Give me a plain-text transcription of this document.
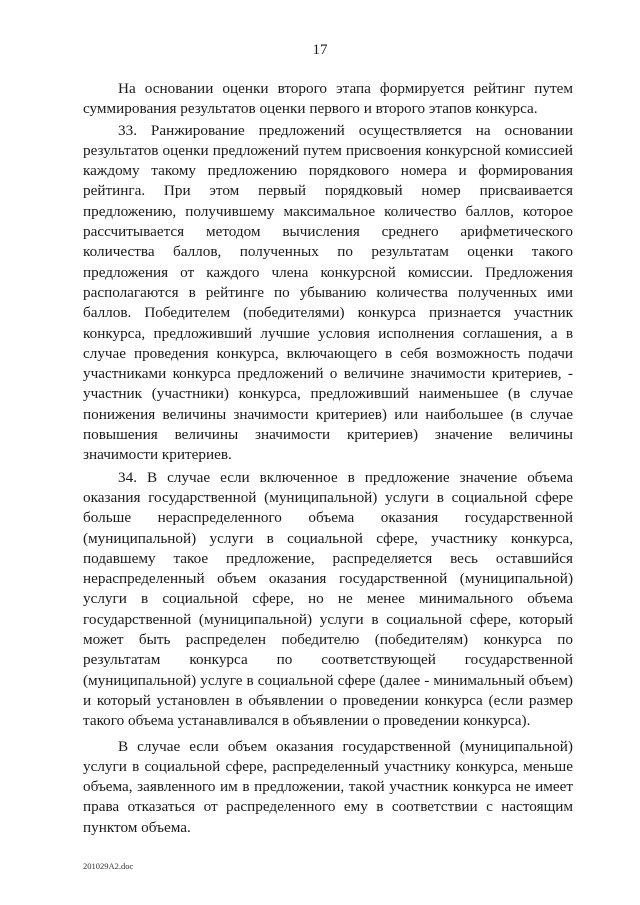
17

На основании оценки второго этапа формируется рейтинг путем суммирования результатов оценки первого и второго этапов конкурса.

33. Ранжирование предложений осуществляется на основании результатов оценки предложений путем присвоения конкурсной комиссией каждому такому предложению порядкового номера и формирования рейтинга. При этом первый порядковый номер присваивается предложению, получившему максимальное количество баллов, которое рассчитывается методом вычисления среднего арифметического количества баллов, полученных по результатам оценки такого предложения от каждого члена конкурсной комиссии. Предложения располагаются в рейтинге по убыванию количества полученных ими баллов. Победителем (победителями) конкурса признается участник конкурса, предложивший лучшие условия исполнения соглашения, а в случае проведения конкурса, включающего в себя возможность подачи участниками конкурса предложений о величине значимости критериев, - участник (участники) конкурса, предложивший наименьшее (в случае понижения величины значимости критериев) или наибольшее (в случае повышения величины значимости критериев) значение величины значимости критериев.

34. В случае если включенное в предложение значение объема оказания государственной (муниципальной) услуги в социальной сфере больше нераспределенного объема оказания государственной (муниципальной) услуги в социальной сфере, участнику конкурса, подавшему такое предложение, распределяется весь оставшийся нераспределенный объем оказания государственной (муниципальной) услуги в социальной сфере, но не менее минимального объема государственной (муниципальной) услуги в социальной сфере, который может быть распределен победителю (победителям) конкурса по результатам конкурса по соответствующей государственной (муниципальной) услуге в социальной сфере (далее - минимальный объем) и который установлен в объявлении о проведении конкурса (если размер такого объема устанавливался в объявлении о проведении конкурса).

В случае если объем оказания государственной (муниципальной) услуги в социальной сфере, распределенный участнику конкурса, меньше объема, заявленного им в предложении, такой участник конкурса не имеет права отказаться от распределенного ему в соответствии с настоящим пунктом объема.

201029A2.doc
